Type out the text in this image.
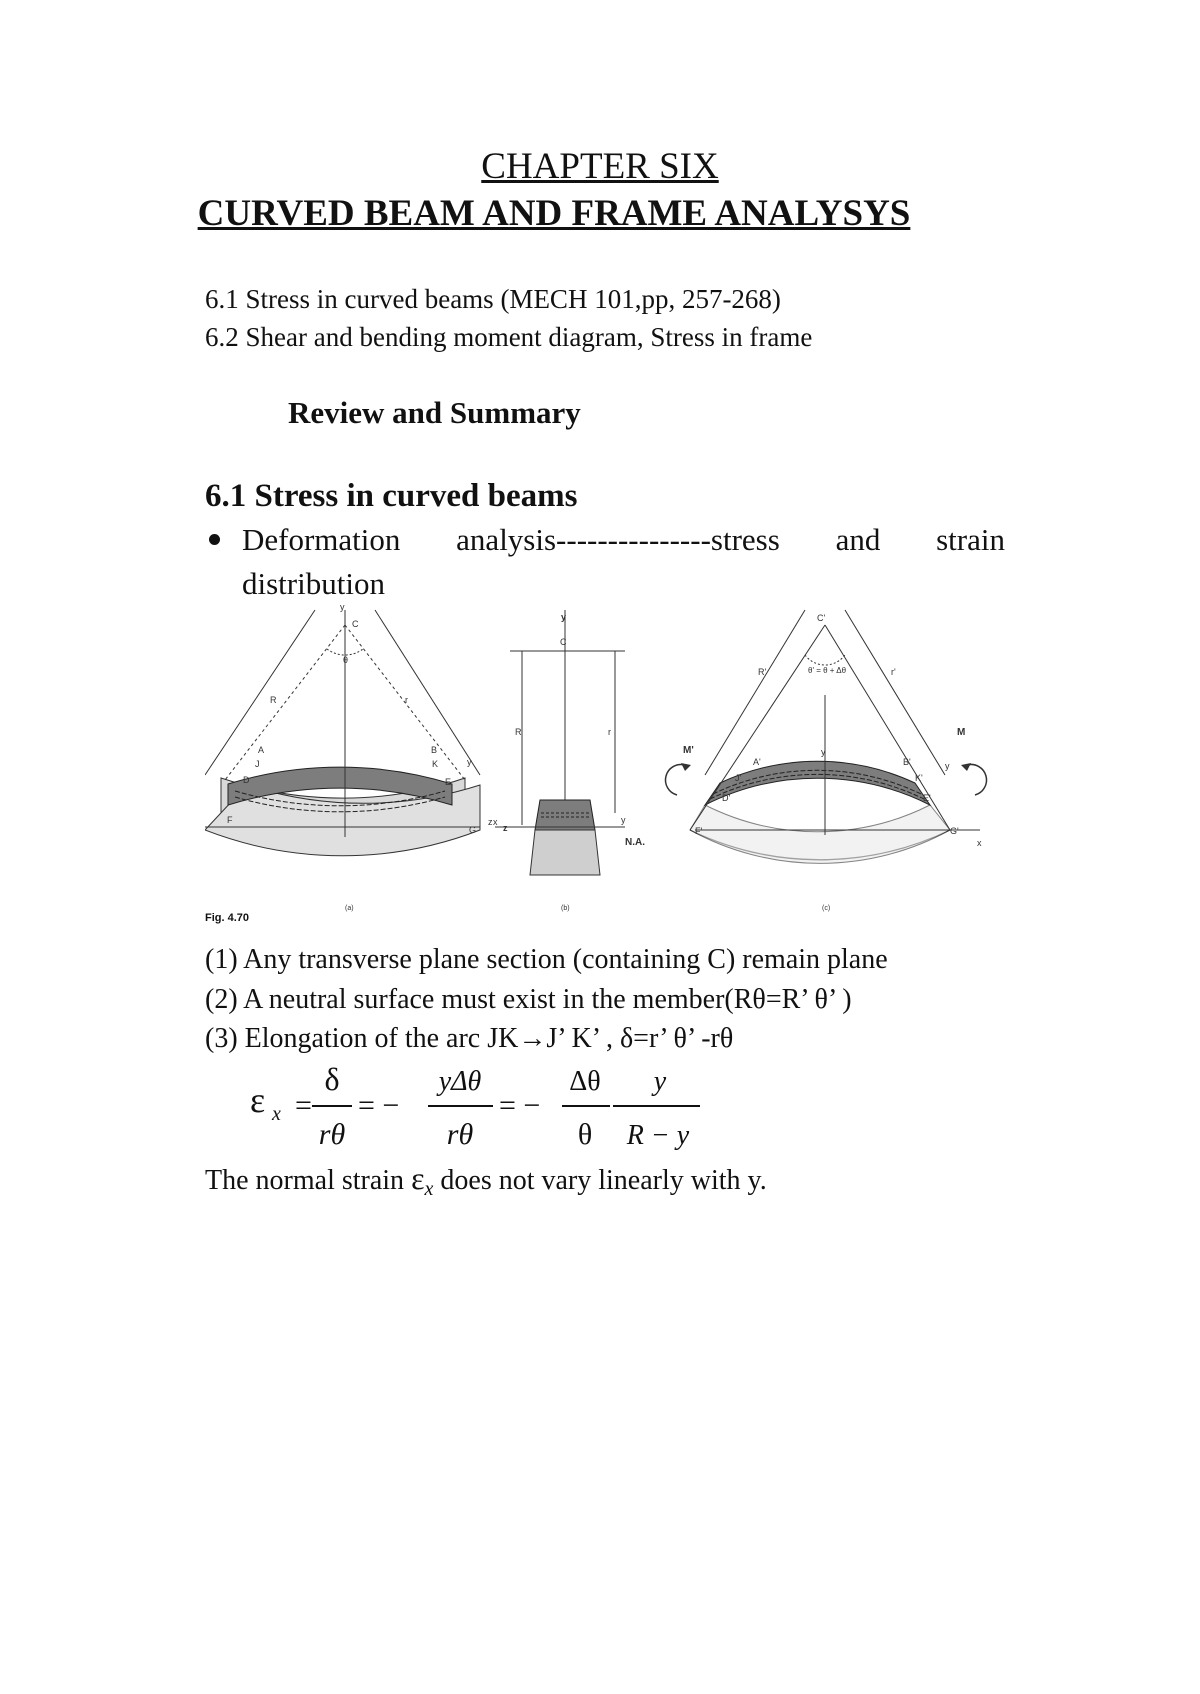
CHAPTER SIX
CURVED BEAM AND FRAME ANALYSYS
6.1 Stress in curved beams (MECH 101,pp, 257-268)
6.2 Shear and bending moment diagram, Stress in frame
Review and Summary
6.1 Stress in curved beams
Deformation analysis---------------stress and strain
distribution
y
C
θ
R	r
A	B
J	K
D	E
y
F
G
z x
(a)
y
C
R	r
y
z
N.A.
(b)
C'
θ' = θ + Δθ
R'	r'
M'
M
A'	B'
J'	K'
y
D'	E'
y
F'	G'
x
(c)
Fig. 4.70
(1) Any transverse plane section (containing C) remain plane
(2) A neutral surface must exist in the member(Rθ=R’ θ’ )
(3) Elongation of the arc JK→J’ K’ , δ=r’ θ’ -rθ
ε x =
δ
rθ
= −
yΔθ
rθ
= −
Δθ
θ
y
R − y
The normal strain $\varepsilon_x$ does not vary linearly with y.
